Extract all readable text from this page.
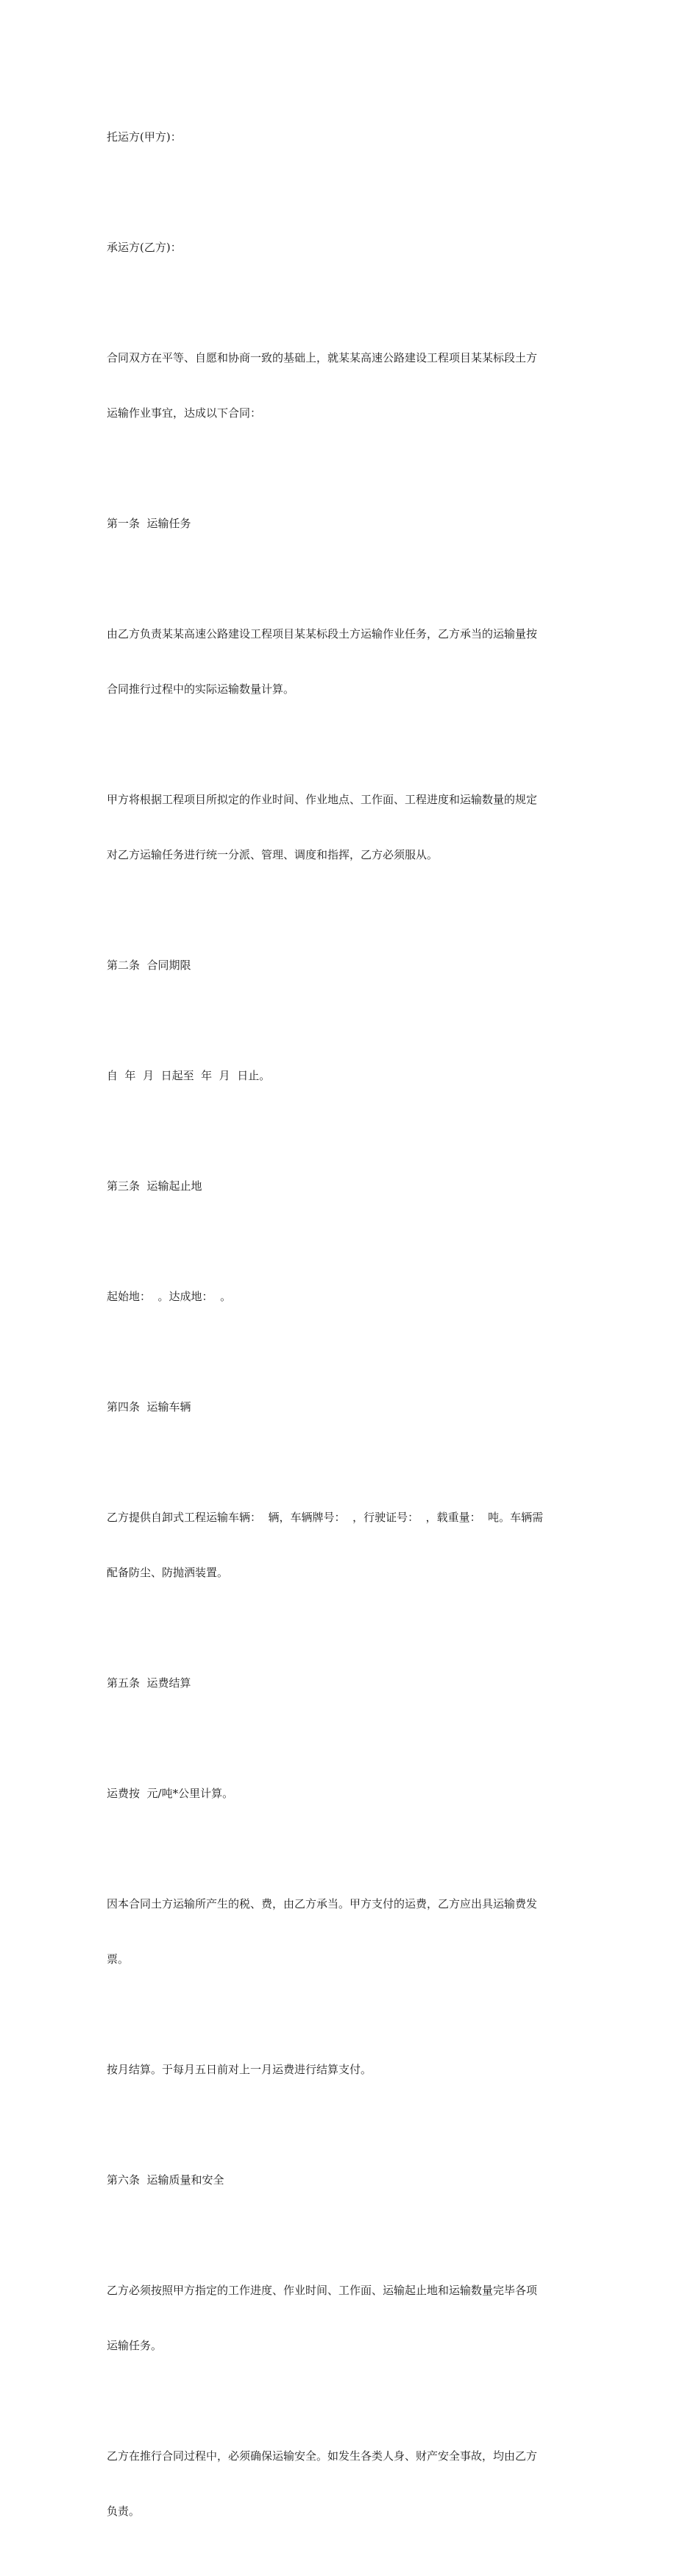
托运方(甲方)：

承运方(乙方)：

合同双方在平等、自愿和协商一致的基础上，就某某高速公路建设工程项目某某标段土方

运输作业事宜，达成以下合同：

第一条  运输任务

由乙方负责某某高速公路建设工程项目某某标段土方运输作业任务，乙方承当的运输量按

合同推行过程中的实际运输数量计算。

甲方将根据工程项目所拟定的作业时间、作业地点、工作面、工程进度和运输数量的规定

对乙方运输任务进行统一分派、管理、调度和指挥，乙方必须服从。

第二条  合同期限

自  年  月  日起至  年  月  日止。

第三条  运输起止地

起始地：  。达成地：  。

第四条  运输车辆

乙方提供自卸式工程运输车辆：  辆，车辆牌号：  ，行驶证号：  ，载重量：  吨。车辆需

配备防尘、防抛洒装置。

第五条  运费结算

运费按  元/吨*公里计算。

因本合同土方运输所产生的税、费，由乙方承当。甲方支付的运费，乙方应出具运输费发

票。

按月结算。于每月五日前对上一月运费进行结算支付。

第六条  运输质量和安全

乙方必须按照甲方指定的工作进度、作业时间、工作面、运输起止地和运输数量完毕各项

运输任务。

乙方在推行合同过程中，必须确保运输安全。如发生各类人身、财产安全事故，均由乙方

负责。
